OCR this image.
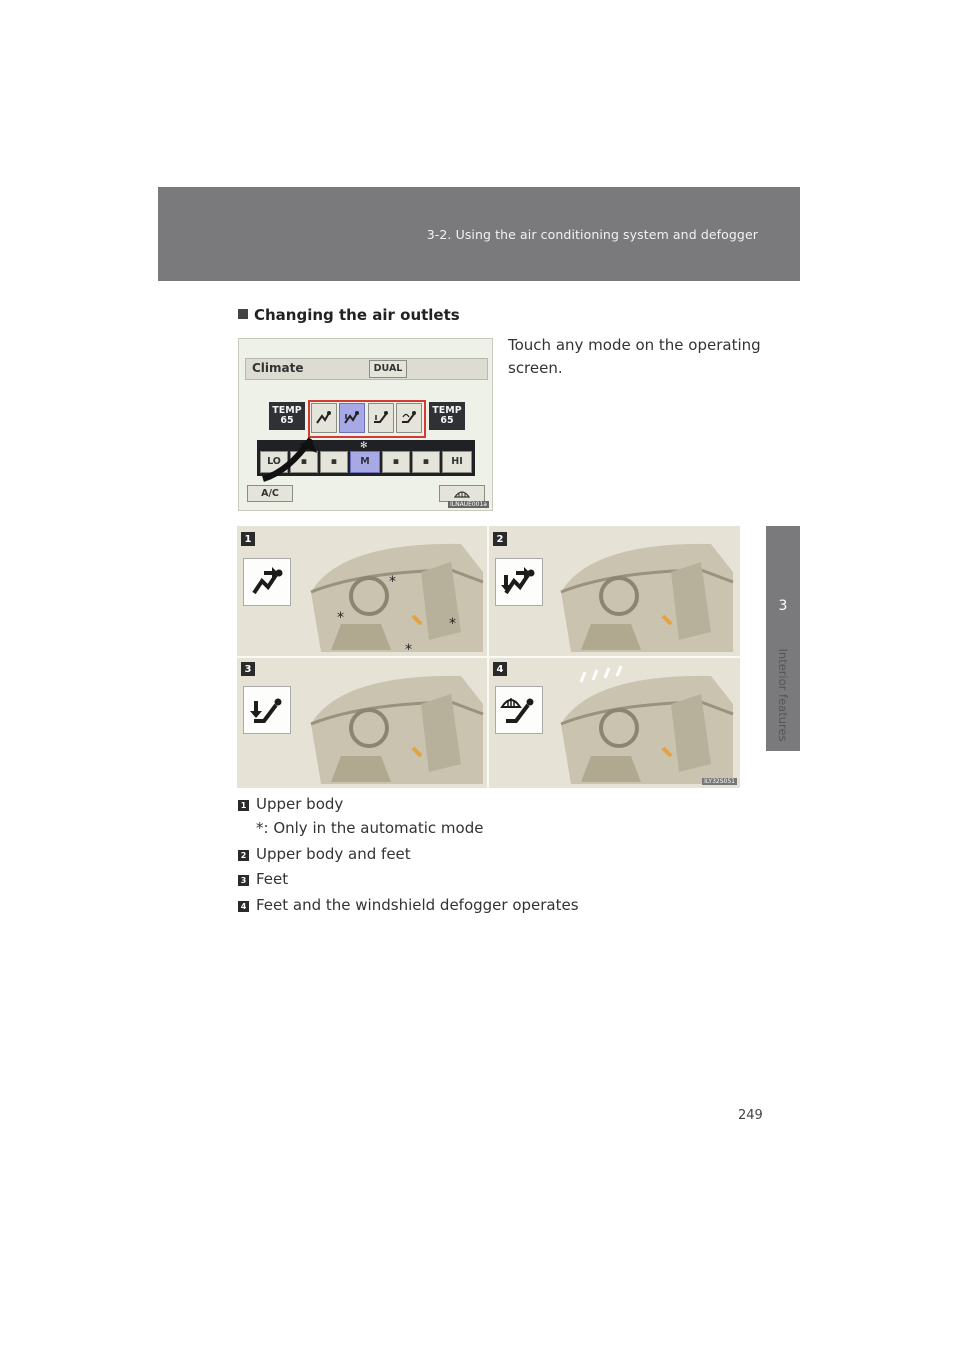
3-2. Using the air conditioning system and defogger
3
Interior features
Changing the air outlets
Touch any mode on the operating screen.
Climate	DUAL
TEMP
65
TEMP
65
LO	▪	▪	M	▪	▪	HI
✻
A/C
ILNAUE001a
1
*
*	*
*
2
3	4
ILY32S051
1 Upper body
*: Only in the automatic mode
2 Upper body and feet
3 Feet
4 Feet and the windshield defogger operates
249
